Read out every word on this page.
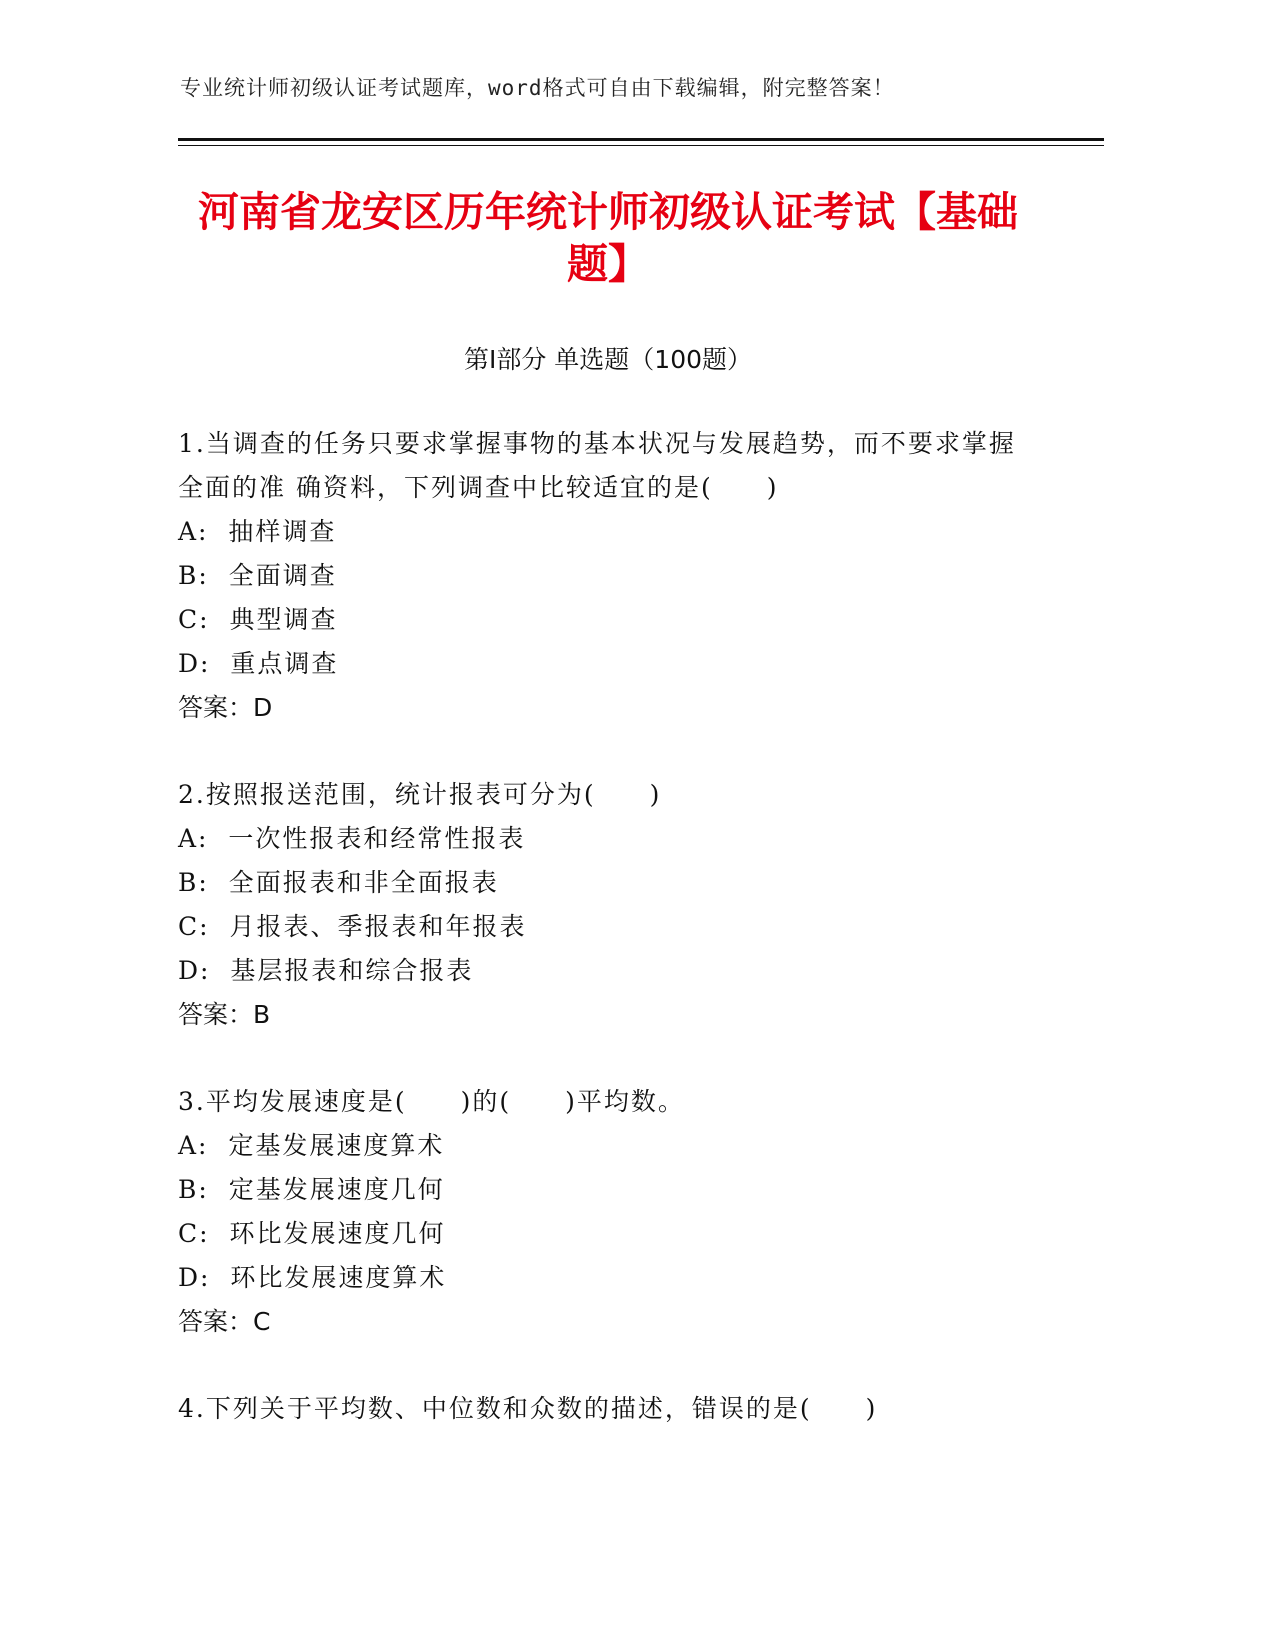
专业统计师初级认证考试题库，word格式可自由下载编辑，附完整答案！
河南省龙安区历年统计师初级认证考试【基础题】
第Ⅰ部分 单选题（100题）
1.当调查的任务只要求掌握事物的基本状况与发展趋势，而不要求掌握全面的准 确资料，下列调查中比较适宜的是(　　)
A:  抽样调查
B:  全面调查
C:  典型调查
D:  重点调查
答案：D
2.按照报送范围，统计报表可分为(　　)
A:  一次性报表和经常性报表
B:  全面报表和非全面报表
C:  月报表、季报表和年报表
D:  基层报表和综合报表
答案：B
3.平均发展速度是(　　)的(　　)平均数。
A:  定基发展速度算术
B:  定基发展速度几何
C:  环比发展速度几何
D:  环比发展速度算术
答案：C
4.下列关于平均数、中位数和众数的描述，错误的是(　　)
